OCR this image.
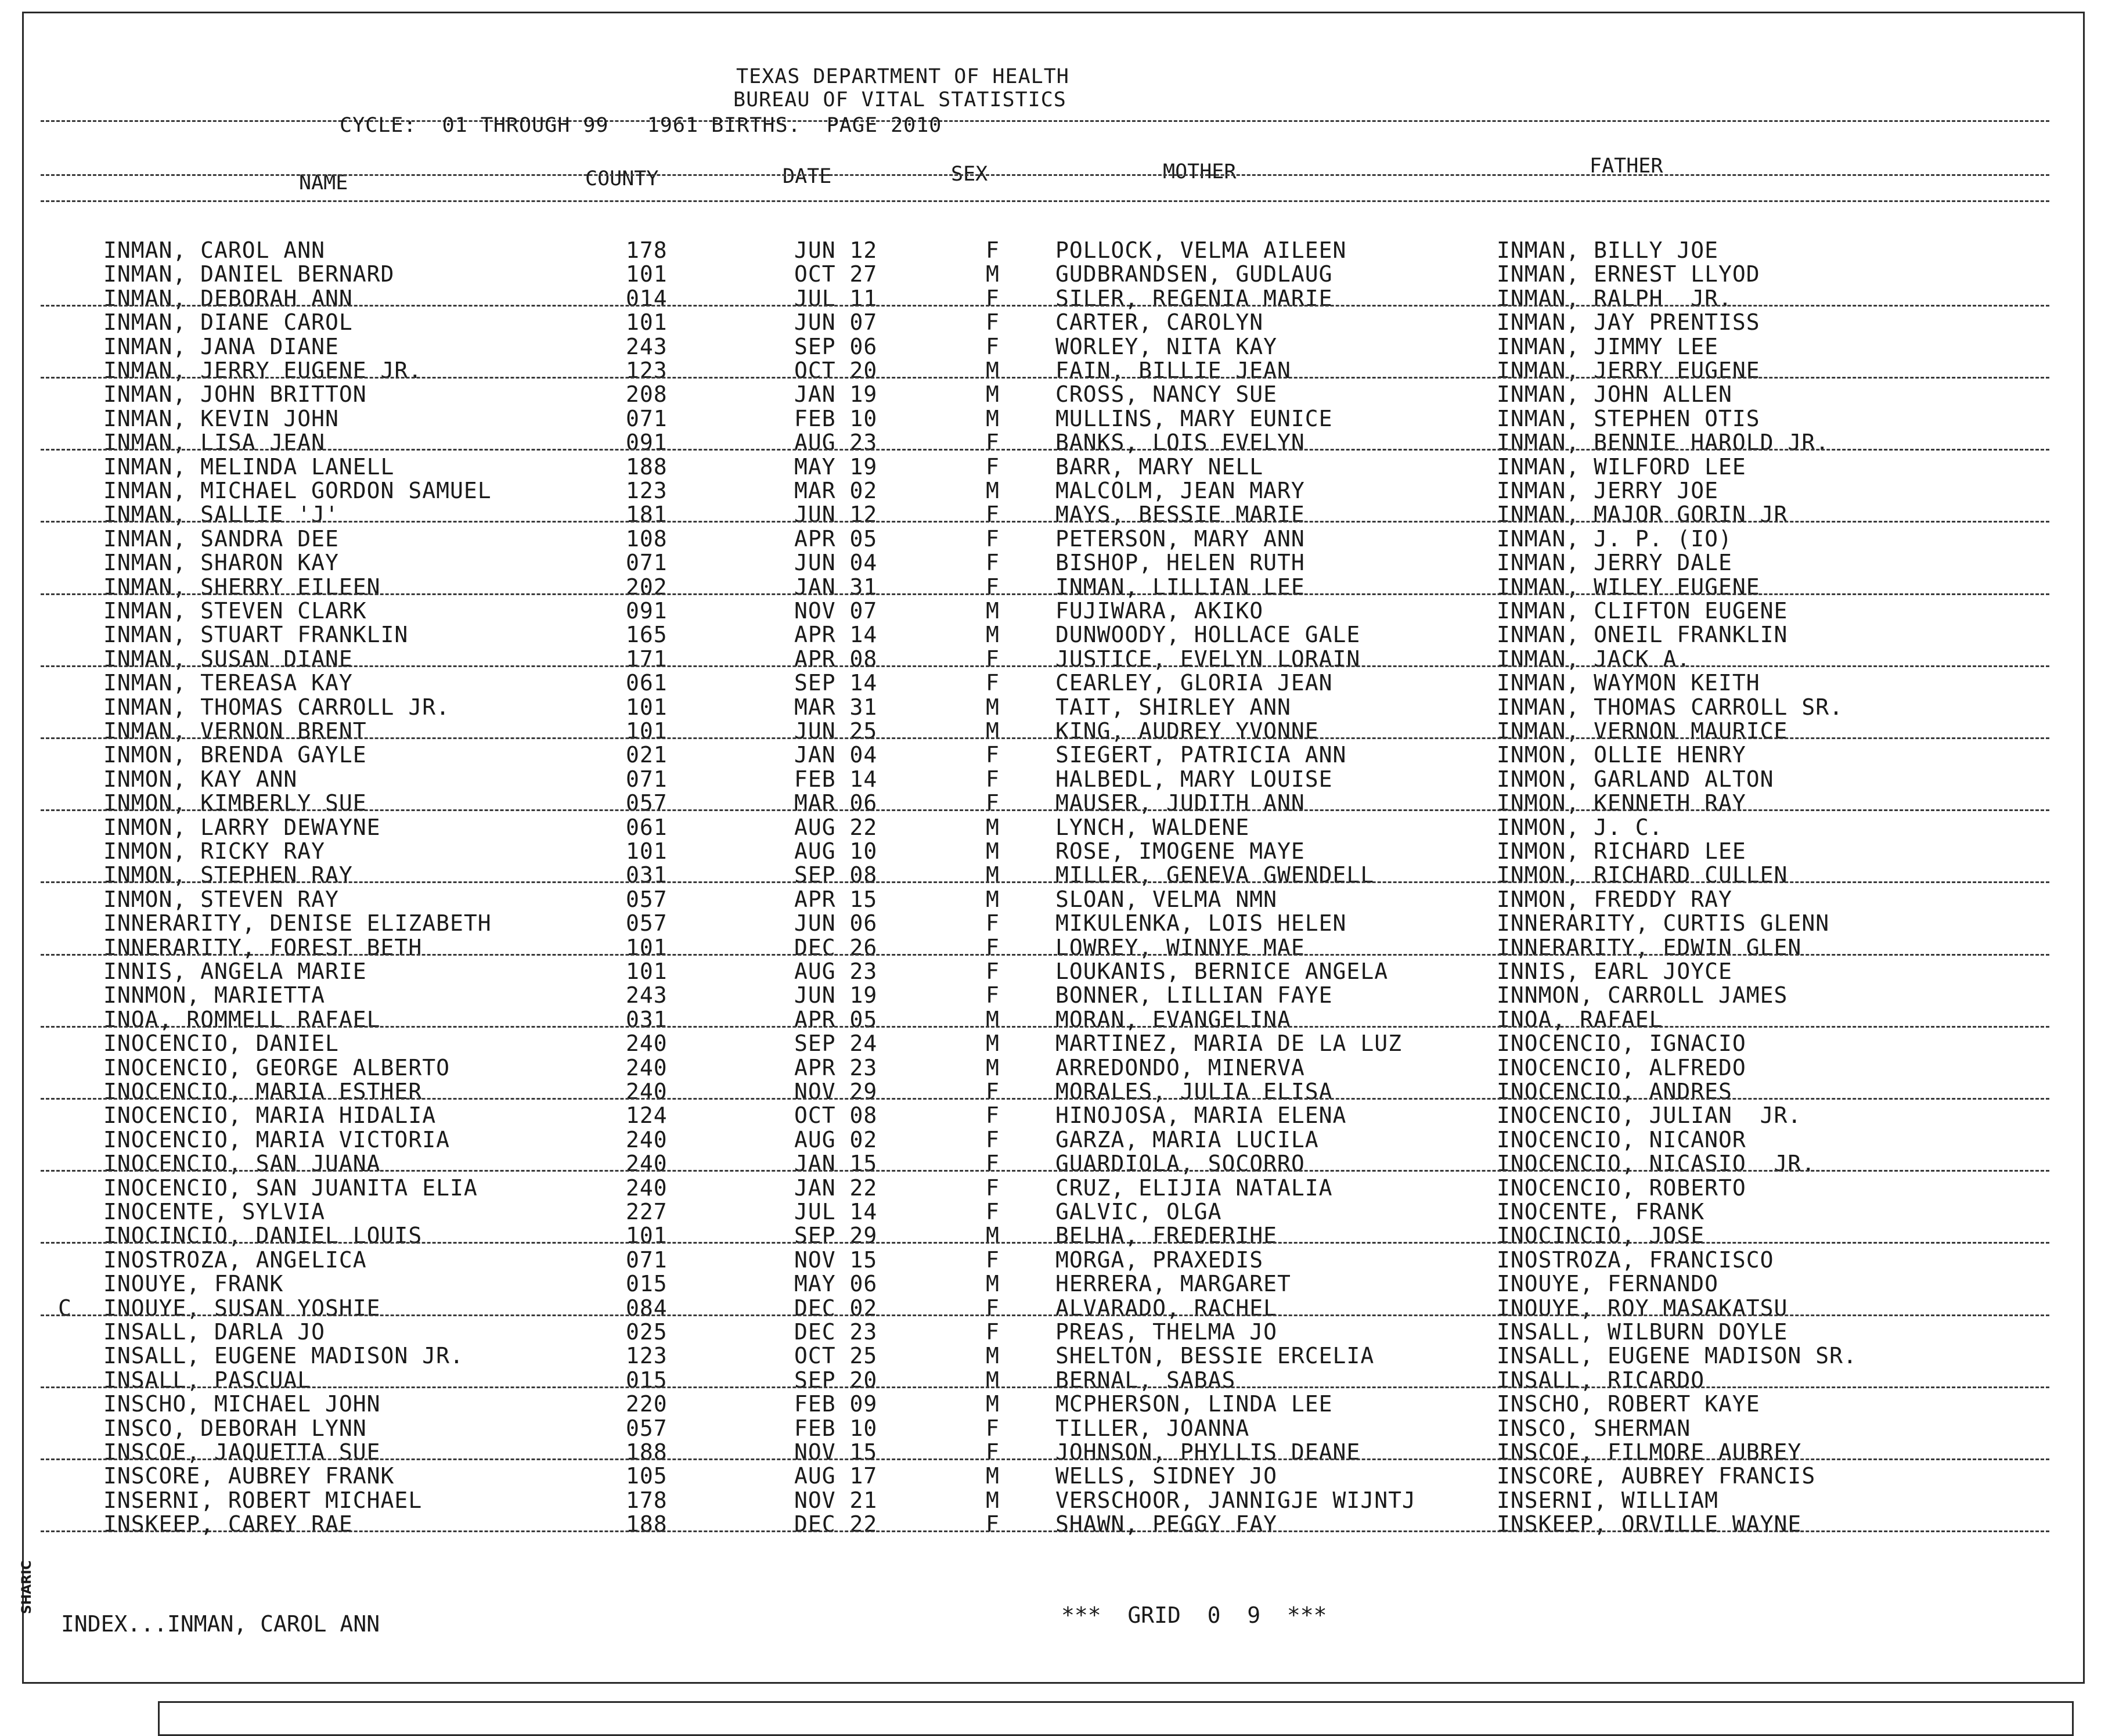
TEXAS DEPARTMENT OF HEALTH
BUREAU OF VITAL STATISTICS
CYCLE:  01 THROUGH 99   1961 BIRTHS.  PAGE 2010
NAME	COUNTY	DATE	SEX	MOTHER	FATHER
INMAN, CAROL ANN	178	JUN 12	F	POLLOCK, VELMA AILEEN	INMAN, BILLY JOE
INMAN, DANIEL BERNARD	101	OCT 27	M	GUDBRANDSEN, GUDLAUG	INMAN, ERNEST LLYOD
INMAN, DEBORAH ANN	014	JUL 11	F	SILER, REGENIA MARIE	INMAN, RALPH  JR.
INMAN, DIANE CAROL	101	JUN 07	F	CARTER, CAROLYN	INMAN, JAY PRENTISS
INMAN, JANA DIANE	243	SEP 06	F	WORLEY, NITA KAY	INMAN, JIMMY LEE
INMAN, JERRY EUGENE JR.	123	OCT 20	M	FAIN, BILLIE JEAN	INMAN, JERRY EUGENE
INMAN, JOHN BRITTON	208	JAN 19	M	CROSS, NANCY SUE	INMAN, JOHN ALLEN
INMAN, KEVIN JOHN	071	FEB 10	M	MULLINS, MARY EUNICE	INMAN, STEPHEN OTIS
INMAN, LISA JEAN	091	AUG 23	F	BANKS, LOIS EVELYN	INMAN, BENNIE HAROLD JR.
INMAN, MELINDA LANELL	188	MAY 19	F	BARR, MARY NELL	INMAN, WILFORD LEE
INMAN, MICHAEL GORDON SAMUEL	123	MAR 02	M	MALCOLM, JEAN MARY	INMAN, JERRY JOE
INMAN, SALLIE 'J'	181	JUN 12	F	MAYS, BESSIE MARIE	INMAN, MAJOR GORIN JR
INMAN, SANDRA DEE	108	APR 05	F	PETERSON, MARY ANN	INMAN, J. P. (IO)
INMAN, SHARON KAY	071	JUN 04	F	BISHOP, HELEN RUTH	INMAN, JERRY DALE
INMAN, SHERRY EILEEN	202	JAN 31	F	INMAN, LILLIAN LEE	INMAN, WILEY EUGENE
INMAN, STEVEN CLARK	091	NOV 07	M	FUJIWARA, AKIKO	INMAN, CLIFTON EUGENE
INMAN, STUART FRANKLIN	165	APR 14	M	DUNWOODY, HOLLACE GALE	INMAN, ONEIL FRANKLIN
INMAN, SUSAN DIANE	171	APR 08	F	JUSTICE, EVELYN LORAIN	INMAN, JACK A.
INMAN, TEREASA KAY	061	SEP 14	F	CEARLEY, GLORIA JEAN	INMAN, WAYMON KEITH
INMAN, THOMAS CARROLL JR.	101	MAR 31	M	TAIT, SHIRLEY ANN	INMAN, THOMAS CARROLL SR.
INMAN, VERNON BRENT	101	JUN 25	M	KING, AUDREY YVONNE	INMAN, VERNON MAURICE
INMON, BRENDA GAYLE	021	JAN 04	F	SIEGERT, PATRICIA ANN	INMON, OLLIE HENRY
INMON, KAY ANN	071	FEB 14	F	HALBEDL, MARY LOUISE	INMON, GARLAND ALTON
INMON, KIMBERLY SUE	057	MAR 06	F	MAUSER, JUDITH ANN	INMON, KENNETH RAY
INMON, LARRY DEWAYNE	061	AUG 22	M	LYNCH, WALDENE	INMON, J. C.
INMON, RICKY RAY	101	AUG 10	M	ROSE, IMOGENE MAYE	INMON, RICHARD LEE
INMON, STEPHEN RAY	031	SEP 08	M	MILLER, GENEVA GWENDELL	INMON, RICHARD CULLEN
INMON, STEVEN RAY	057	APR 15	M	SLOAN, VELMA NMN	INMON, FREDDY RAY
INNERARITY, DENISE ELIZABETH	057	JUN 06	F	MIKULENKA, LOIS HELEN	INNERARITY, CURTIS GLENN
INNERARITY, FOREST BETH	101	DEC 26	F	LOWREY, WINNYE MAE	INNERARITY, EDWIN GLEN
INNIS, ANGELA MARIE	101	AUG 23	F	LOUKANIS, BERNICE ANGELA	INNIS, EARL JOYCE
INNMON, MARIETTA	243	JUN 19	F	BONNER, LILLIAN FAYE	INNMON, CARROLL JAMES
INOA, ROMMELL RAFAEL	031	APR 05	M	MORAN, EVANGELINA	INOA, RAFAEL
INOCENCIO, DANIEL	240	SEP 24	M	MARTINEZ, MARIA DE LA LUZ	INOCENCIO, IGNACIO
INOCENCIO, GEORGE ALBERTO	240	APR 23	M	ARREDONDO, MINERVA	INOCENCIO, ALFREDO
INOCENCIO, MARIA ESTHER	240	NOV 29	F	MORALES, JULIA ELISA	INOCENCIO, ANDRES
INOCENCIO, MARIA HIDALIA	124	OCT 08	F	HINOJOSA, MARIA ELENA	INOCENCIO, JULIAN  JR.
INOCENCIO, MARIA VICTORIA	240	AUG 02	F	GARZA, MARIA LUCILA	INOCENCIO, NICANOR
INOCENCIO, SAN JUANA	240	JAN 15	F	GUARDIOLA, SOCORRO	INOCENCIO, NICASIO  JR.
INOCENCIO, SAN JUANITA ELIA	240	JAN 22	F	CRUZ, ELIJIA NATALIA	INOCENCIO, ROBERTO
INOCENTE, SYLVIA	227	JUL 14	F	GALVIC, OLGA	INOCENTE, FRANK
INOCINCIO, DANIEL LOUIS	101	SEP 29	M	BELHA, FREDERIHE	INOCINCIO, JOSE
INOSTROZA, ANGELICA	071	NOV 15	F	MORGA, PRAXEDIS	INOSTROZA, FRANCISCO
INOUYE, FRANK	015	MAY 06	M	HERRERA, MARGARET	INOUYE, FERNANDO
C INOUYE, SUSAN YOSHIE	084	DEC 02	F	ALVARADO, RACHEL	INOUYE, ROY MASAKATSU
INSALL, DARLA JO	025	DEC 23	F	PREAS, THELMA JO	INSALL, WILBURN DOYLE
INSALL, EUGENE MADISON JR.	123	OCT 25	M	SHELTON, BESSIE ERCELIA	INSALL, EUGENE MADISON SR.
INSALL, PASCUAL	015	SEP 20	M	BERNAL, SABAS	INSALL, RICARDO
INSCHO, MICHAEL JOHN	220	FEB 09	M	MCPHERSON, LINDA LEE	INSCHO, ROBERT KAYE
INSCO, DEBORAH LYNN	057	FEB 10	F	TILLER, JOANNA	INSCO, SHERMAN
INSCOE, JAQUETTA SUE	188	NOV 15	F	JOHNSON, PHYLLIS DEANE	INSCOE, FILMORE AUBREY
INSCORE, AUBREY FRANK	105	AUG 17	M	WELLS, SIDNEY JO	INSCORE, AUBREY FRANCIS
INSERNI, ROBERT MICHAEL	178	NOV 21	M	VERSCHOOR, JANNIGJE WIJNTJ	INSERNI, WILLIAM
INSKEEP, CAREY RAE	188	DEC 22	F	SHAWN, PEGGY FAY	INSKEEP, ORVILLE WAYNE
INDEX...INMAN, CAROL ANN	***  GRID  0  9  ***
SHARIC
